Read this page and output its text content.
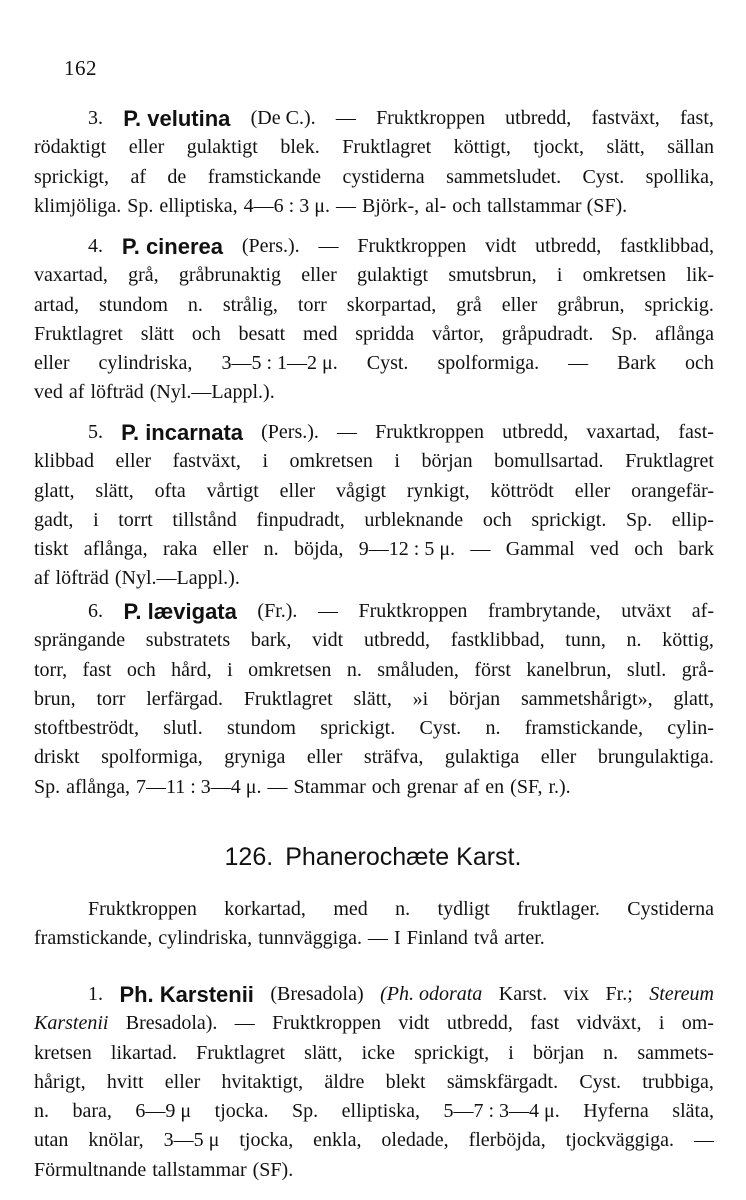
162
3. P. velutina (De C.). — Fruktkroppen utbredd, fastväxt, fast,
rödaktigt eller gulaktigt blek. Fruktlagret köttigt, tjockt, slätt, sällan
sprickigt, af de framstickande cystiderna sammetsludet. Cyst. spollika,
klimjöliga. Sp. elliptiska, 4—6 : 3 μ. — Björk-, al- och tallstammar (SF).
4. P. cinerea (Pers.). — Fruktkroppen vidt utbredd, fastklibbad,
vaxartad, grå, gråbrunaktig eller gulaktigt smutsbrun, i omkretsen lik-
artad, stundom n. strålig, torr skorpartad, grå eller gråbrun, sprickig.
Fruktlagret slätt och besatt med spridda vårtor, gråpudradt. Sp. aflånga
eller cylindriska, 3—5 : 1—2 μ. Cyst. spolformiga. — Bark och
ved af löfträd (Nyl.—Lappl.).
5. P. incarnata (Pers.). — Fruktkroppen utbredd, vaxartad, fast-
klibbad eller fastväxt, i omkretsen i början bomullsartad. Fruktlagret
glatt, slätt, ofta vårtigt eller vågigt rynkigt, köttrödt eller orangefär-
gadt, i torrt tillstånd finpudradt, urbleknande och sprickigt. Sp. ellip-
tiskt aflånga, raka eller n. böjda, 9—12 : 5 μ. — Gammal ved och bark
af löfträd (Nyl.—Lappl.).
6. P. lævigata (Fr.). — Fruktkroppen frambrytande, utväxt af-
sprängande substratets bark, vidt utbredd, fastklibbad, tunn, n. köttig,
torr, fast och hård, i omkretsen n. småluden, först kanelbrun, slutl. grå-
brun, torr lerfärgad. Fruktlagret slätt, »i början sammetshårigt», glatt,
stoftbeströdt, slutl. stundom sprickigt. Cyst. n. framstickande, cylin-
driskt spolformiga, gryniga eller sträfva, gulaktiga eller brungulaktiga.
Sp. aflånga, 7—11 : 3—4 μ. — Stammar och grenar af en (SF, r.).
Fruktkroppen korkartad, med n. tydligt fruktlager. Cystiderna
framstickande, cylindriska, tunnväggiga. — I Finland två arter.
1. Ph. Karstenii (Bresadola) (Ph. odorata Karst. vix Fr.; Stereum
Karstenii Bresadola). — Fruktkroppen vidt utbredd, fast vidväxt, i om-
kretsen likartad. Fruktlagret slätt, icke sprickigt, i början n. sammets-
hårigt, hvitt eller hvitaktigt, äldre blekt sämskfärgadt. Cyst. trubbiga,
n. bara, 6—9 μ tjocka. Sp. elliptiska, 5—7 : 3—4 μ. Hyferna släta,
utan knölar, 3—5 μ tjocka, enkla, oledade, flerböjda, tjockväggiga. —
Förmultnande tallstammar (SF).
126. Phanerochæte Karst.
